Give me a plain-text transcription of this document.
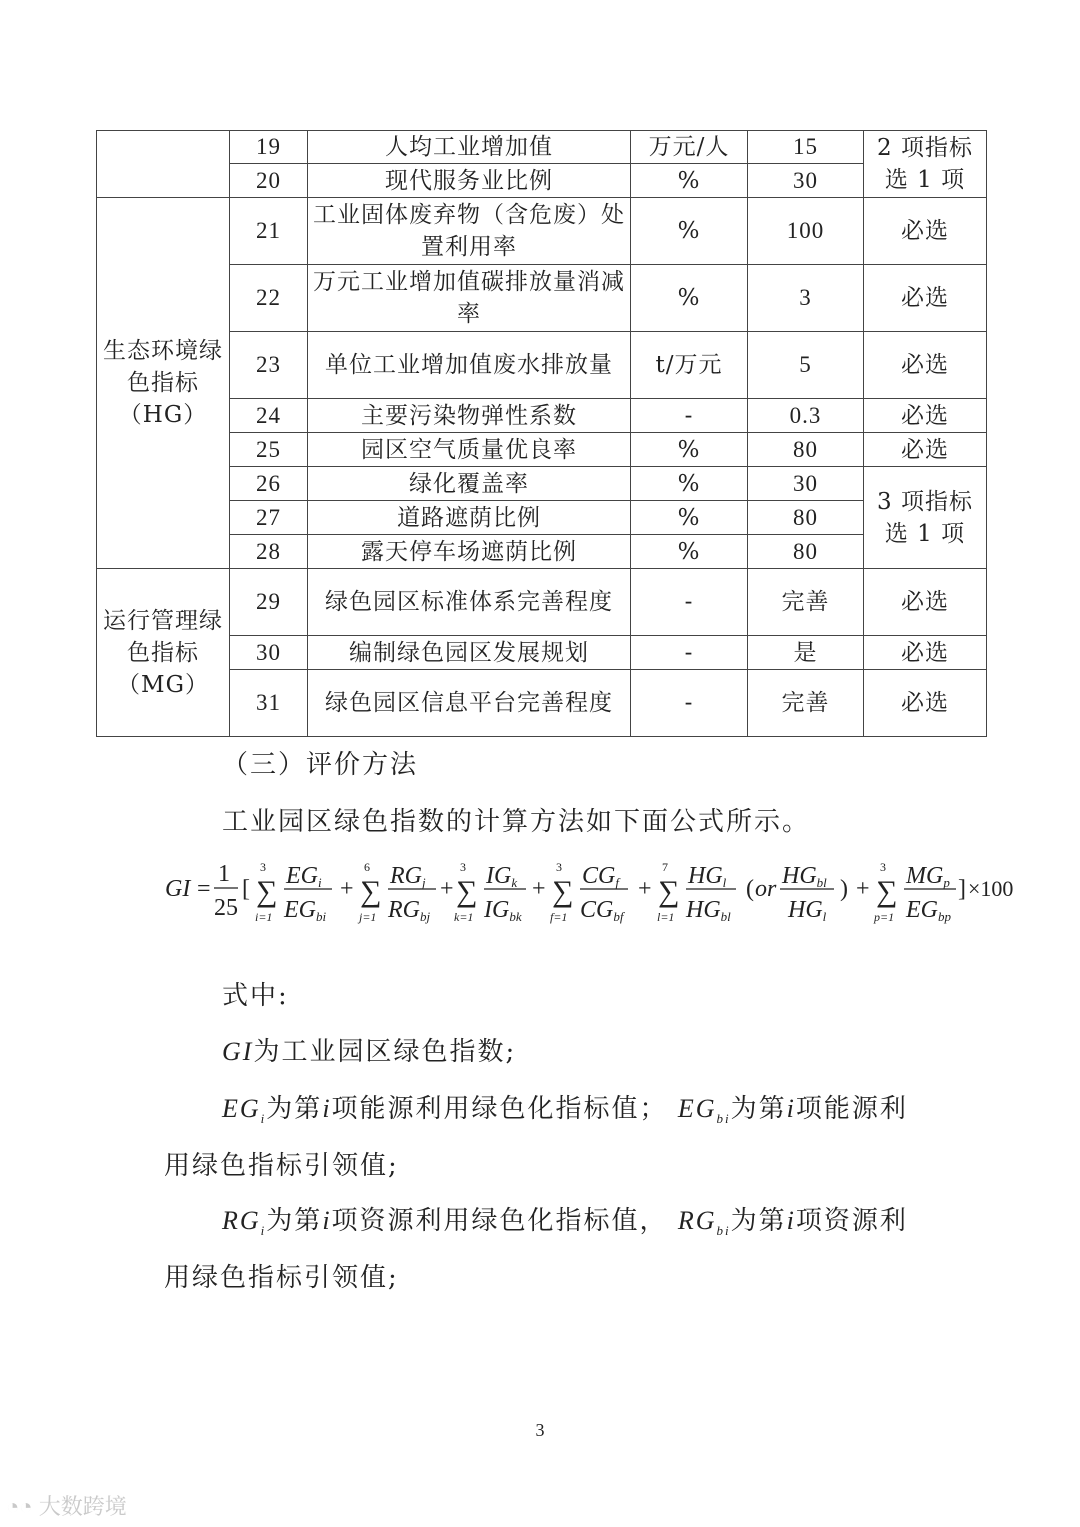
	19	人均工业增加值	万元/人	15	2 项指标选 1 项
	20	现代服务业比例	%	30	
生态环境绿色指标（HG）	21	工业固体废弃物（含危废）处置利用率	%	100	必选
	22	万元工业增加值碳排放量消减率	%	3	必选
	23	单位工业增加值废水排放量	t/万元	5	必选
	24	主要污染物弹性系数	-	0.3	必选
	25	园区空气质量优良率	%	80	必选
	26	绿化覆盖率	%	30	3 项指标选 1 项
	27	道路遮荫比例	%	80	
	28	露天停车场遮荫比例	%	80	
运行管理绿色指标（MG）	29	绿色园区标准体系完善程度	-	完善	必选
	30	编制绿色园区发展规划	-	是	必选
	31	绿色园区信息平台完善程度	-	完善	必选
（三）评价方法
工业园区绿色指数的计算方法如下面公式所示。
GI =
1
25
[ ∑
3
i=1
EGi
EGbi
+ ∑
6
j=1
RGj
RGbj
+ ∑
3
k=1
IGk
IGbk
+ ∑
3
f=1
CGf
CGbf
+ ∑
7
l=1
HGl
HGbl
( or HGbl
HGl
) + ∑
3
p=1
MGp
EGbp
] ×100
式中:
GI为工业园区绿色指数;
$EG_i$为第i项能源利用绿色化指标值； $EG_{bi}$为第i项能源利
用绿色指标引领值;
$RG_i$为第i项资源利用绿色化指标值， $RG_{bi}$为第i项资源利
用绿色指标引领值;
3
◔◔ 大数跨境
